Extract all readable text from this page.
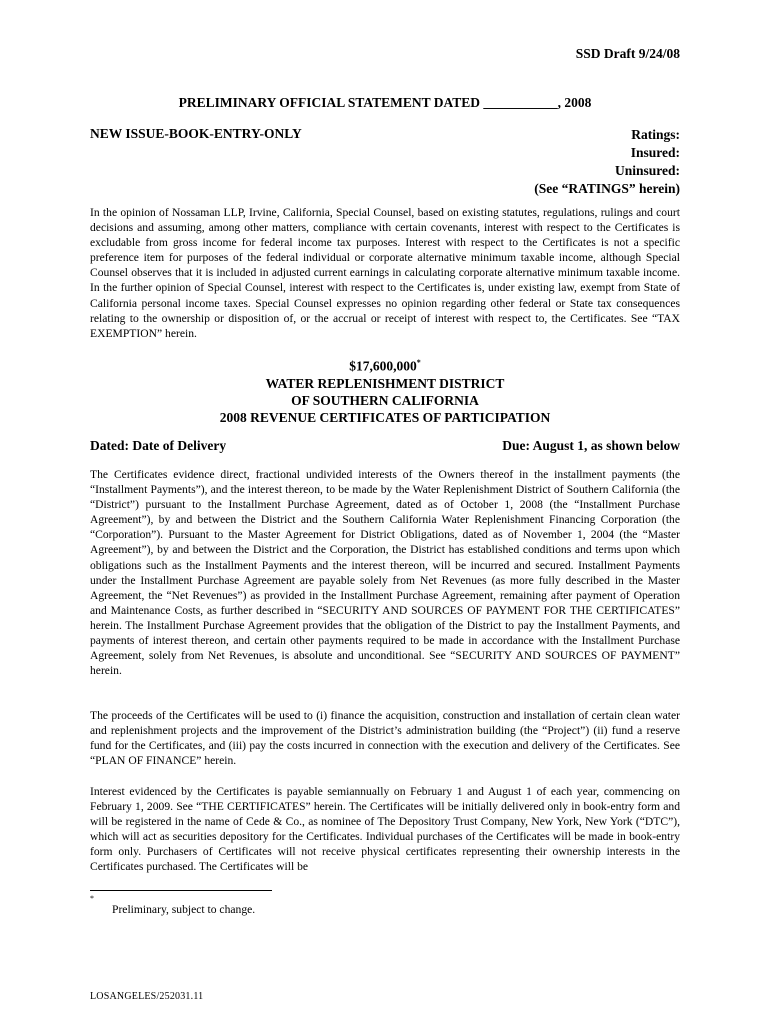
SSD Draft 9/24/08
PRELIMINARY OFFICIAL STATEMENT DATED ___________, 2008
NEW ISSUE-BOOK-ENTRY-ONLY	Ratings:
Insured:
Uninsured:
(See “RATINGS” herein)

In the opinion of Nossaman LLP, Irvine, California, Special Counsel, based on existing statutes, regulations, rulings and court decisions and assuming, among other matters, compliance with certain covenants, interest with respect to the Certificates is excludable from gross income for federal income tax purposes. Interest with respect to the Certificates is not a specific preference item for purposes of the federal individual or corporate alternative minimum taxable income, although Special Counsel observes that it is included in adjusted current earnings in calculating corporate alternative minimum taxable income. In the further opinion of Special Counsel, interest with respect to the Certificates is, under existing law, exempt from State of California personal income taxes. Special Counsel expresses no opinion regarding other federal or State tax consequences relating to the ownership or disposition of, or the accrual or receipt of interest with respect to, the Certificates. See “TAX EXEMPTION” herein.

$17,600,000*
WATER REPLENISHMENT DISTRICT
OF SOUTHERN CALIFORNIA
2008 REVENUE CERTIFICATES OF PARTICIPATION
Dated: Date of Delivery	Due: August 1, as shown below

The Certificates evidence direct, fractional undivided interests of the Owners thereof in the installment payments (the “Installment Payments”), and the interest thereon, to be made by the Water Replenishment District of Southern California (the “District”) pursuant to the Installment Purchase Agreement, dated as of October 1, 2008 (the “Installment Purchase Agreement”), by and between the District and the Southern California Water Replenishment Financing Corporation (the “Corporation”). Pursuant to the Master Agreement for District Obligations, dated as of November 1, 2004 (the “Master Agreement”), by and between the District and the Corporation, the District has established conditions and terms upon which obligations such as the Installment Payments and the interest thereon, will be incurred and secured. Installment Payments under the Installment Purchase Agreement are payable solely from Net Revenues (as more fully described in the Master Agreement, the “Net Revenues”) as provided in the Installment Purchase Agreement, remaining after payment of Operation and Maintenance Costs, as further described in “SECURITY AND SOURCES OF PAYMENT FOR THE CERTIFICATES” herein. The Installment Purchase Agreement provides that the obligation of the District to pay the Installment Payments, and payments of interest thereon, and certain other payments required to be made in accordance with the Installment Purchase Agreement, solely from Net Revenues, is absolute and unconditional. See “SECURITY AND SOURCES OF PAYMENT” herein.

The proceeds of the Certificates will be used to (i) finance the acquisition, construction and installation of certain clean water and replenishment projects and the improvement of the District’s administration building (the “Project”) (ii) fund a reserve fund for the Certificates, and (iii) pay the costs incurred in connection with the execution and delivery of the Certificates. See “PLAN OF FINANCE” herein.

Interest evidenced by the Certificates is payable semiannually on February 1 and August 1 of each year, commencing on February 1, 2009. See “THE CERTIFICATES” herein. The Certificates will be initially delivered only in book-entry form and will be registered in the name of Cede & Co., as nominee of The Depository Trust Company, New York, New York (“DTC”), which will act as securities depository for the Certificates. Individual purchases of the Certificates will be made in book-entry form only. Purchasers of Certificates will not receive physical certificates representing their ownership interests in the Certificates purchased. The Certificates will be

*
Preliminary, subject to change.
LOSANGELES/252031.11
